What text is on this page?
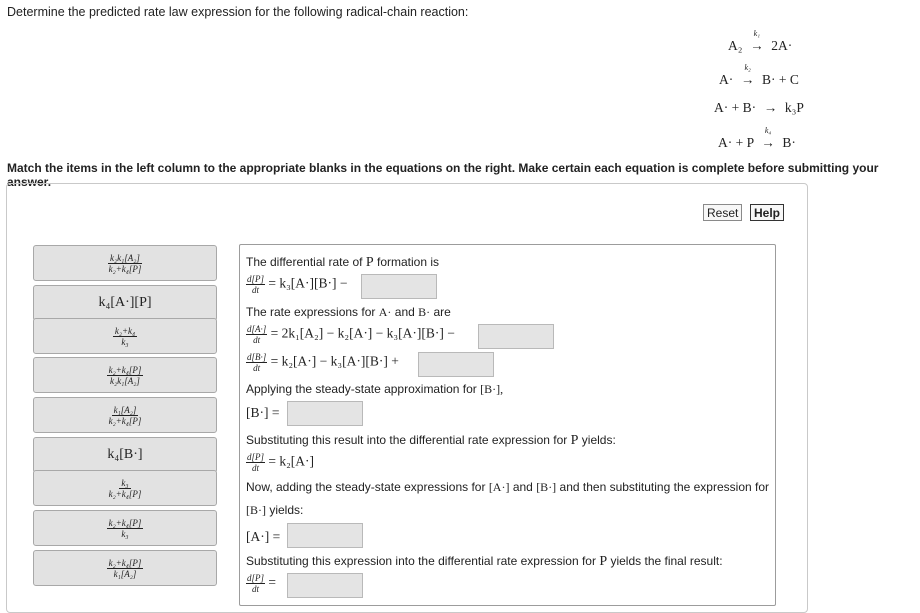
Determine the predicted rate law expression for the following radical-chain reaction:
A₂
k₁
→ 2A·
A·
k₂
→ B· + C
A· + B· → k₃P
A· + P
k₄
→ B·
Match the items in the left column to the appropriate blanks in the equations on the right. Make certain each equation is complete before submitting your answer.
Reset	Help
$\frac{\text{k₂k₁[A₂]}}{\text{k₂+k₄[P]}}$
k₄[A·][P]
$\frac{\text{k₂+k₄}}{\text{k₃}}$
$\frac{\text{k₂+k₄[P]}}{\text{k₂k₁[A₂]}}$
$\frac{\text{k₁[A₂]}}{\text{k₂+k₄[P]}}$
k₄[B·]
$\frac{\text{k₃}}{\text{k₂+k₄[P]}}$
$\frac{\text{k₂+k₄[P]}}{\text{k₃}}$
$\frac{\text{k₂+k₄[P]}}{\text{k₁[A₂]}}$
The differential rate of P formation is
$\frac{d[P]}{dt} = k_3[A\cdot][B\cdot]$ −
The rate expressions for A· and B· are
$\frac{d[A\cdot]}{dt} = 2k_1[A_2] - k_2[A\cdot] - k_3[A\cdot][B\cdot]$ −
$\frac{d[B\cdot]}{dt} = k_2[A\cdot] - k_3[A\cdot][B\cdot]$ +
Applying the steady-state approximation for [B·],
[B·] =
Substituting this result into the differential rate expression for P yields:
$\frac{d[P]}{dt} = k_2[A\cdot]$
Now, adding the steady-state expressions for [A·] and [B·] and then substituting the expression for
[B·] yields:
[A·] =
Substituting this expression into the differential rate expression for P yields the final result:
$\frac{d[P]}{dt}$ =
